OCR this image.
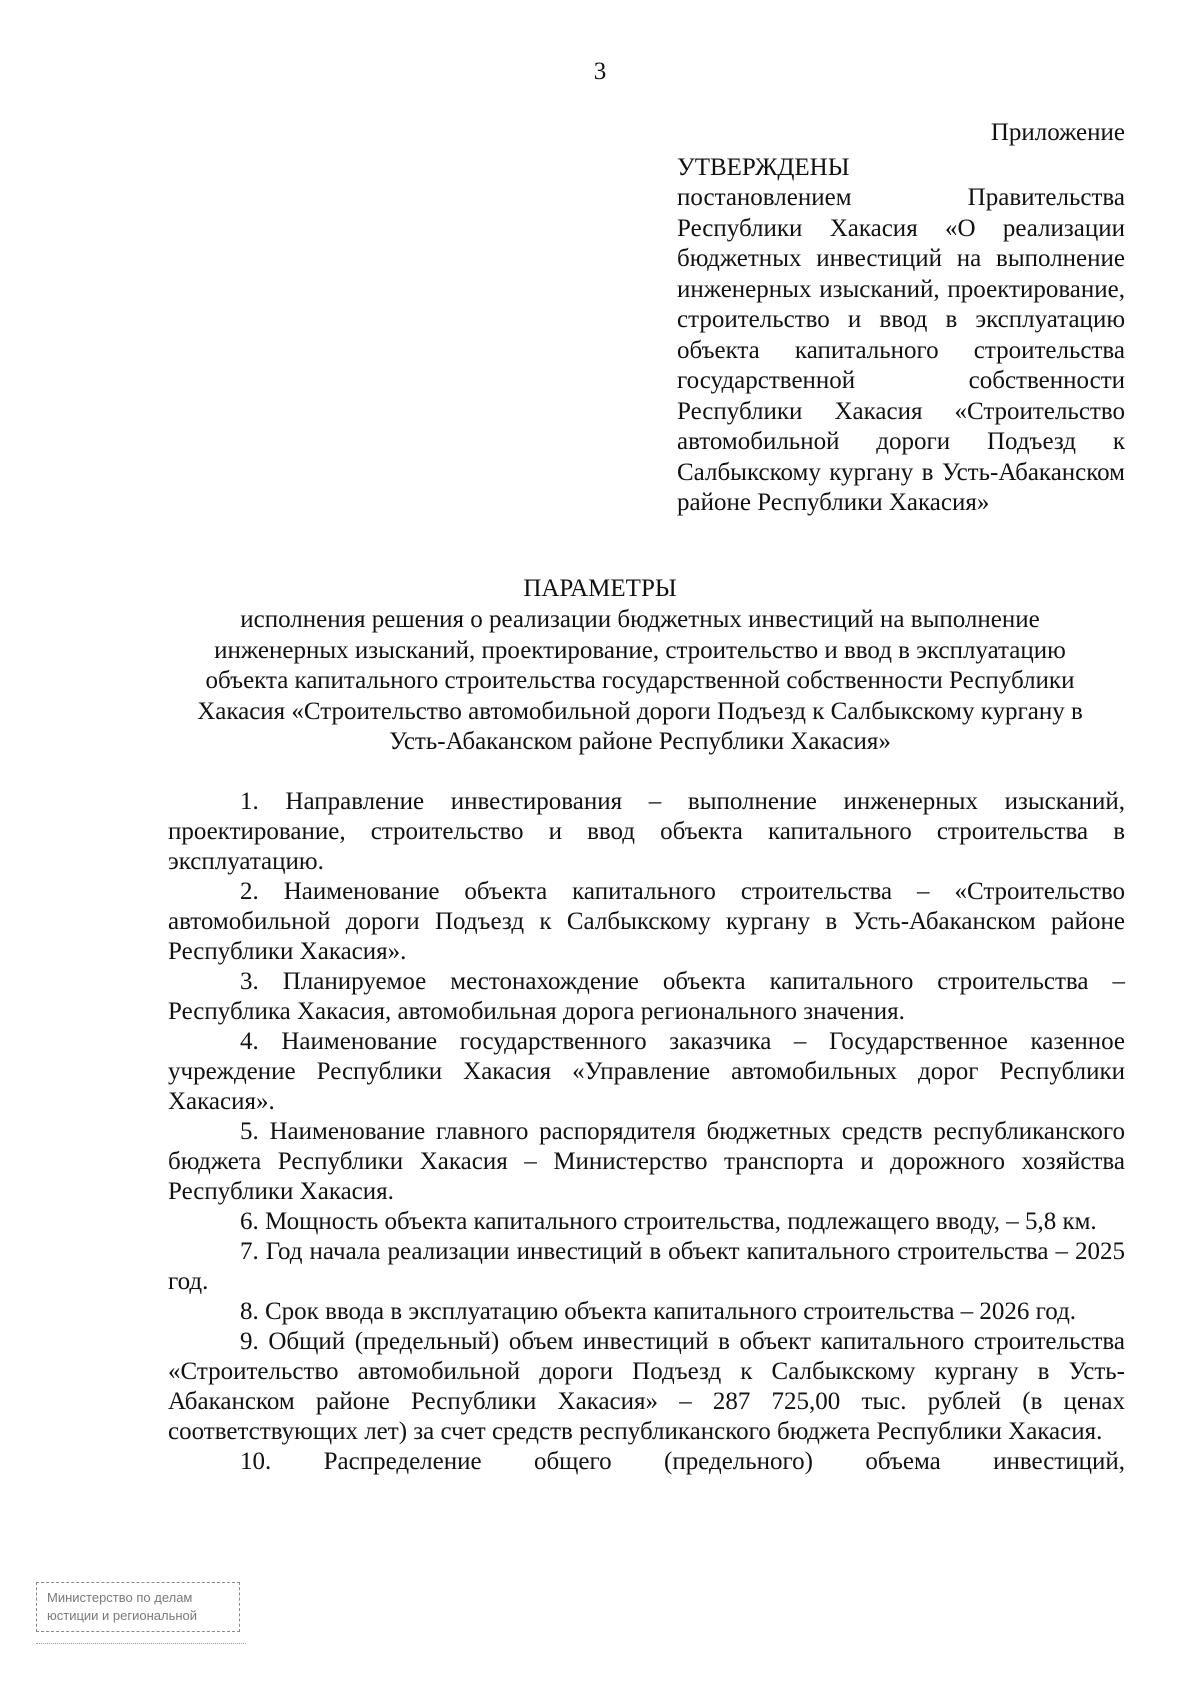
3
Приложение
УТВЕРЖДЕНЫ
постановлением Правительства Республики Хакасия «О реализации бюджетных инвестиций на выполнение инженерных изысканий, проектирование, строительство и ввод в эксплуатацию объекта капитального строительства государственной собственности Республики Хакасия «Строительство автомобильной дороги Подъезд к Салбыкскому кургану в Усть-Абаканском районе Республики Хакасия»
ПАРАМЕТРЫ
исполнения решения о реализации бюджетных инвестиций на выполнение инженерных изысканий, проектирование, строительство и ввод в эксплуатацию объекта капитального строительства государственной собственности Республики Хакасия «Строительство автомобильной дороги Подъезд к Салбыкскому кургану в Усть-Абаканском районе Республики Хакасия»

1. Направление инвестирования – выполнение инженерных изысканий, проектирование, строительство и ввод объекта капитального строительства в эксплуатацию.

2. Наименование объекта капитального строительства – «Строительство автомобильной дороги Подъезд к Салбыкскому кургану в Усть-Абаканском районе Республики Хакасия».

3. Планируемое местонахождение объекта капитального строительства – Республика Хакасия, автомобильная дорога регионального значения.

4. Наименование государственного заказчика – Государственное казенное учреждение Республики Хакасия «Управление автомобильных дорог Республики Хакасия».

5. Наименование главного распорядителя бюджетных средств республиканского бюджета Республики Хакасия – Министерство транспорта и дорожного хозяйства Республики Хакасия.

6. Мощность объекта капитального строительства, подлежащего вводу, – 5,8 км.

7. Год начала реализации инвестиций в объект капитального строительства – 2025 год.

8. Срок ввода в эксплуатацию объекта капитального строительства – 2026 год.

9. Общий (предельный) объем инвестиций в объект капитального строительства «Строительство автомобильной дороги Подъезд к Салбыкскому кургану в Усть-Абаканском районе Республики Хакасия» – 287 725,00 тыс. рублей (в ценах соответствующих лет) за счет средств республиканского бюджета Республики Хакасия.

10. Распределение общего (предельного) объема инвестиций,

Министерство по делам
юстиции и региональной
